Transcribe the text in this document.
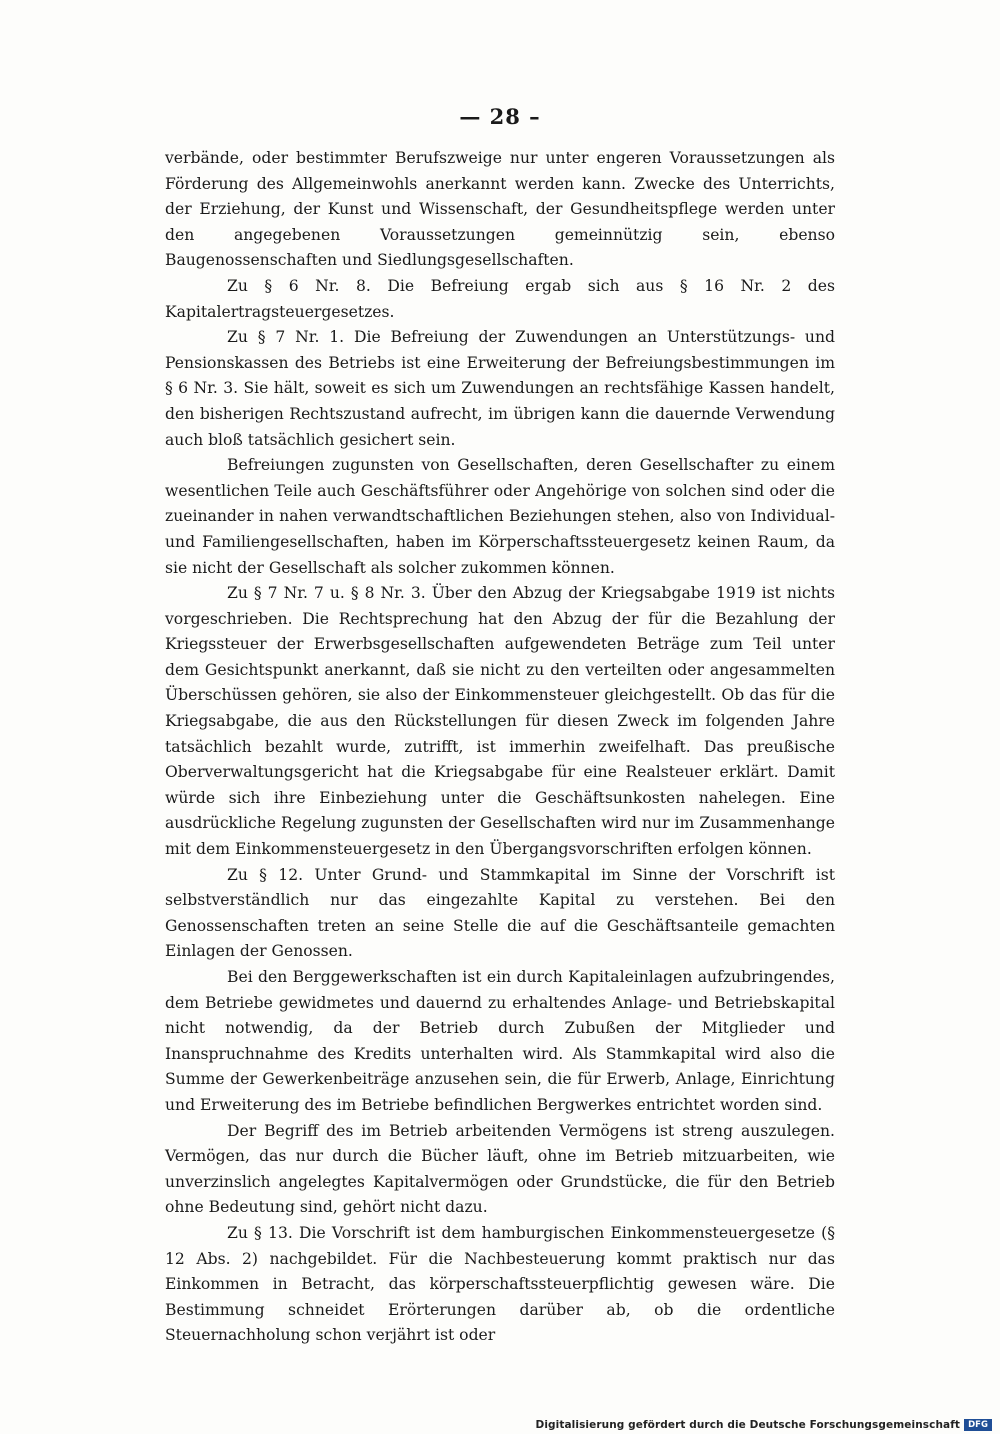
— 28 –

verbände, oder bestimmter Berufszweige nur unter engeren Voraussetzungen als Förderung des Allgemeinwohls anerkannt werden kann. Zwecke des Unterrichts, der Erziehung, der Kunst und Wissenschaft, der Gesundheitspflege werden unter den angegebenen Voraussetzungen gemeinnützig sein, ebenso Baugenossenschaften und Siedlungsgesellschaften.

Zu § 6 Nr. 8. Die Befreiung ergab sich aus § 16 Nr. 2 des Kapitalertragsteuergesetzes.

Zu § 7 Nr. 1. Die Befreiung der Zuwendungen an Unterstützungs- und Pensionskassen des Betriebs ist eine Erweiterung der Befreiungsbestimmungen im § 6 Nr. 3. Sie hält, soweit es sich um Zuwendungen an rechtsfähige Kassen handelt, den bisherigen Rechtszustand aufrecht, im übrigen kann die dauernde Verwendung auch bloß tatsächlich gesichert sein.

Befreiungen zugunsten von Gesellschaften, deren Gesellschafter zu einem wesentlichen Teile auch Geschäftsführer oder Angehörige von solchen sind oder die zueinander in nahen verwandtschaftlichen Beziehungen stehen, also von Individual- und Familiengesellschaften, haben im Körperschaftssteuergesetz keinen Raum, da sie nicht der Gesellschaft als solcher zukommen können.

Zu § 7 Nr. 7 u. § 8 Nr. 3. Über den Abzug der Kriegsabgabe 1919 ist nichts vorgeschrieben. Die Rechtsprechung hat den Abzug der für die Bezahlung der Kriegssteuer der Erwerbsgesellschaften aufgewendeten Beträge zum Teil unter dem Gesichtspunkt anerkannt, daß sie nicht zu den verteilten oder angesammelten Überschüssen gehören, sie also der Einkommensteuer gleichgestellt. Ob das für die Kriegsabgabe, die aus den Rückstellungen für diesen Zweck im folgenden Jahre tatsächlich bezahlt wurde, zutrifft, ist immerhin zweifelhaft. Das preußische Oberverwaltungsgericht hat die Kriegsabgabe für eine Realsteuer erklärt. Damit würde sich ihre Einbeziehung unter die Geschäftsunkosten nahelegen. Eine ausdrückliche Regelung zugunsten der Gesellschaften wird nur im Zusammenhange mit dem Einkommensteuergesetz in den Übergangsvorschriften erfolgen können.

Zu § 12. Unter Grund- und Stammkapital im Sinne der Vorschrift ist selbstverständlich nur das eingezahlte Kapital zu verstehen. Bei den Genossenschaften treten an seine Stelle die auf die Geschäftsanteile gemachten Einlagen der Genossen.

Bei den Berggewerkschaften ist ein durch Kapitaleinlagen aufzubringendes, dem Betriebe gewidmetes und dauernd zu erhaltendes Anlage- und Betriebskapital nicht notwendig, da der Betrieb durch Zubußen der Mitglieder und Inanspruchnahme des Kredits unterhalten wird. Als Stammkapital wird also die Summe der Gewerkenbeiträge anzusehen sein, die für Erwerb, Anlage, Einrichtung und Erweiterung des im Betriebe befindlichen Bergwerkes entrichtet worden sind.

Der Begriff des im Betrieb arbeitenden Vermögens ist streng auszulegen. Vermögen, das nur durch die Bücher läuft, ohne im Betrieb mitzuarbeiten, wie unverzinslich angelegtes Kapitalvermögen oder Grundstücke, die für den Betrieb ohne Bedeutung sind, gehört nicht dazu.

Zu § 13. Die Vorschrift ist dem hamburgischen Einkommensteuergesetze (§ 12 Abs. 2) nachgebildet. Für die Nachbesteuerung kommt praktisch nur das Einkommen in Betracht, das körperschaftssteuerpflichtig gewesen wäre. Die Bestimmung schneidet Erörterungen darüber ab, ob die ordentliche Steuernachholung schon verjährt ist oder

Digitalisierung gefördert durch die Deutsche Forschungsgemeinschaft DFG
